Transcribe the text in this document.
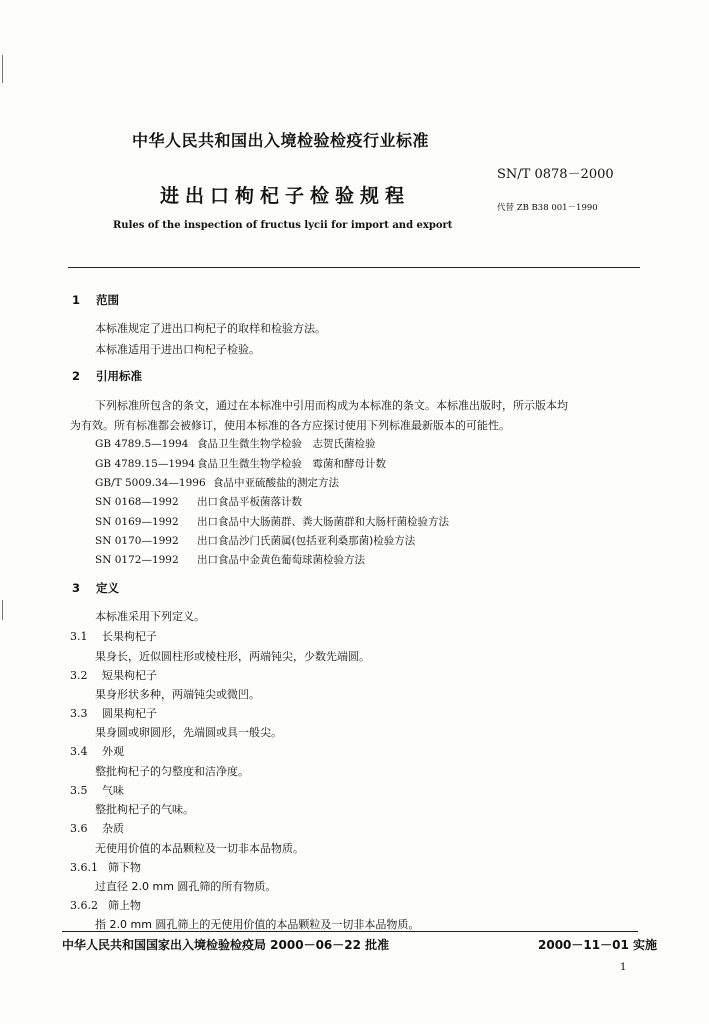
中华人民共和国出入境检验检疫行业标准
SN/T 0878－2000
进出口枸杞子检验规程
代替 ZB B38 001－1990
Rules of the inspection of fructus lycii for import and export
1 范围
本标准规定了进出口枸杞子的取样和检验方法。
本标准适用于进出口枸杞子检验。
2 引用标准
下列标准所包含的条文，通过在本标准中引用而构成为本标准的条文。本标准出版时，所示版本均
为有效。所有标准都会被修订，使用本标准的各方应探讨使用下列标准最新版本的可能性。
GB 4789.5—1994 食品卫生微生物学检验　志贺氏菌检验
GB 4789.15—1994 食品卫生微生物学检验　霉菌和酵母计数
GB/T 5009.34—1996 食品中亚硫酸盐的测定方法
SN 0168—1992 出口食品平板菌落计数
SN 0169—1992 出口食品中大肠菌群、粪大肠菌群和大肠杆菌检验方法
SN 0170—1992 出口食品沙门氏菌属(包括亚利桑那菌)检验方法
SN 0172—1992 出口食品中金黄色葡萄球菌检验方法
3 定义
本标准采用下列定义。
3.1 长果枸杞子
果身长，近似圆柱形或棱柱形，两端钝尖，少数先端圆。
3.2 短果枸杞子
果身形状多种，两端钝尖或微凹。
3.3 圆果枸杞子
果身圆或卵圆形，先端圆或具一般尖。
3.4 外观
整批枸杞子的匀整度和洁净度。
3.5 气味
整批枸杞子的气味。
3.6 杂质
无使用价值的本品颗粒及一切非本品物质。
3.6.1 筛下物
过直径 2.0 mm 圆孔筛的所有物质。
3.6.2 筛上物
指 2.0 mm 圆孔筛上的无使用价值的本品颗粒及一切非本品物质。
中华人民共和国国家出入境检验检疫局 2000－06－22 批准	2000－11－01 实施
1
